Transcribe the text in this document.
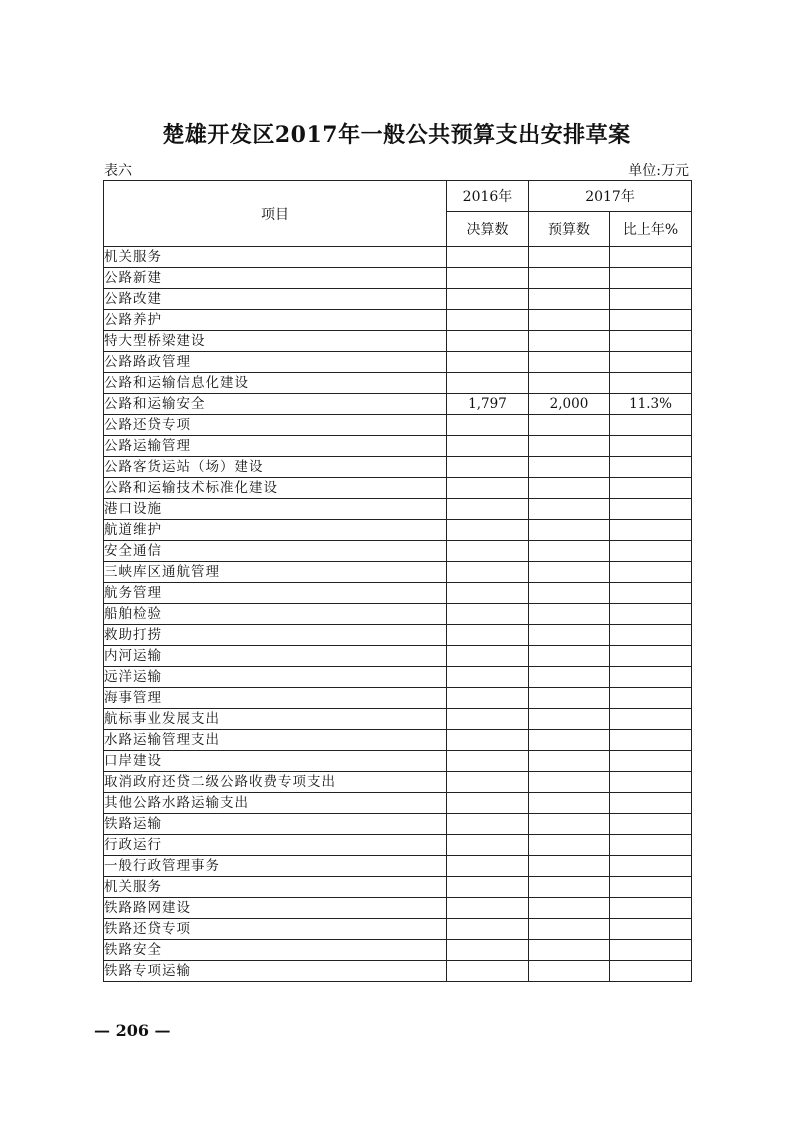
楚雄开发区2017年一般公共预算支出安排草案
表六	单位:万元
项目	2016年	2017年	
	决算数	预算数	比上年%
机关服务			
公路新建			
公路改建			
公路养护			
特大型桥梁建设			
公路路政管理			
公路和运输信息化建设			
公路和运输安全	1,797	2,000	11.3%
公路还贷专项			
公路运输管理			
公路客货运站（场）建设			
公路和运输技术标准化建设			
港口设施			
航道维护			
安全通信			
三峡库区通航管理			
航务管理			
船舶检验			
救助打捞			
内河运输			
远洋运输			
海事管理			
航标事业发展支出			
水路运输管理支出			
口岸建设			
取消政府还贷二级公路收费专项支出			
其他公路水路运输支出			
铁路运输			
行政运行			
一般行政管理事务			
机关服务			
铁路路网建设			
铁路还贷专项			
铁路安全			
铁路专项运输			
— 206 —
